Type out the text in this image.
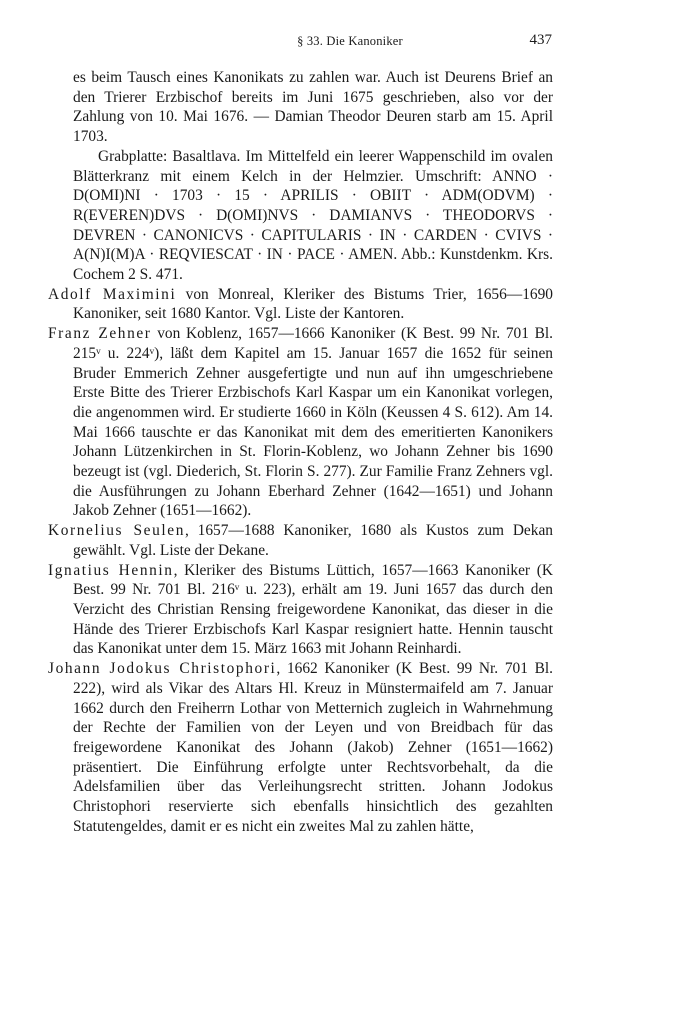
§ 33. Die Kanoniker	437

es beim Tausch eines Kanonikats zu zahlen war. Auch ist Deurens Brief an den Trierer Erzbischof bereits im Juni 1675 geschrieben, also vor der Zahlung von 10. Mai 1676. — Damian Theodor Deuren starb am 15. April 1703.

Grabplatte: Basaltlava. Im Mittelfeld ein leerer Wappenschild im ovalen Blätterkranz mit einem Kelch in der Helmzier. Umschrift: ANNO · D(OMI)NI · 1703 · 15 · APRILIS · OBIIT · ADM(ODVM) · R(EVEREN)DVS · D(OMI)NVS · DAMIANVS · THEODORVS · DEVREN · CANONICVS · CAPITULARIS · IN · CARDEN · CVIVS · A(N)I(M)A · REQVIESCAT · IN · PACE · AMEN. Abb.: Kunstdenkm. Krs. Cochem 2 S. 471.

Adolf Maximini von Monreal, Kleriker des Bistums Trier, 1656—1690 Kanoniker, seit 1680 Kantor. Vgl. Liste der Kantoren.

Franz Zehner von Koblenz, 1657—1666 Kanoniker (K Best. 99 Nr. 701 Bl. 215ᵛ u. 224ᵛ), läßt dem Kapitel am 15. Januar 1657 die 1652 für seinen Bruder Emmerich Zehner ausgefertigte und nun auf ihn umgeschriebene Erste Bitte des Trierer Erzbischofs Karl Kaspar um ein Kanonikat vorlegen, die angenommen wird. Er studierte 1660 in Köln (Keussen 4 S. 612). Am 14. Mai 1666 tauschte er das Kanonikat mit dem des emeritierten Kanonikers Johann Lützenkirchen in St. Florin-Koblenz, wo Johann Zehner bis 1690 bezeugt ist (vgl. Diederich, St. Florin S. 277). Zur Familie Franz Zehners vgl. die Ausführungen zu Johann Eberhard Zehner (1642—1651) und Johann Jakob Zehner (1651—1662).

Kornelius Seulen, 1657—1688 Kanoniker, 1680 als Kustos zum Dekan gewählt. Vgl. Liste der Dekane.

Ignatius Hennin, Kleriker des Bistums Lüttich, 1657—1663 Kanoniker (K Best. 99 Nr. 701 Bl. 216ᵛ u. 223), erhält am 19. Juni 1657 das durch den Verzicht des Christian Rensing freigewordene Kanonikat, das dieser in die Hände des Trierer Erzbischofs Karl Kaspar resigniert hatte. Hennin tauscht das Kanonikat unter dem 15. März 1663 mit Johann Reinhardi.

Johann Jodokus Christophori, 1662 Kanoniker (K Best. 99 Nr. 701 Bl. 222), wird als Vikar des Altars Hl. Kreuz in Münstermaifeld am 7. Januar 1662 durch den Freiherrn Lothar von Metternich zugleich in Wahrnehmung der Rechte der Familien von der Leyen und von Breidbach für das freigewordene Kanonikat des Johann (Jakob) Zehner (1651—1662) präsentiert. Die Einführung erfolgte unter Rechtsvorbehalt, da die Adelsfamilien über das Verleihungsrecht stritten. Johann Jodokus Christophori reservierte sich ebenfalls hinsichtlich des gezahlten Statutengeldes, damit er es nicht ein zweites Mal zu zahlen hätte,
